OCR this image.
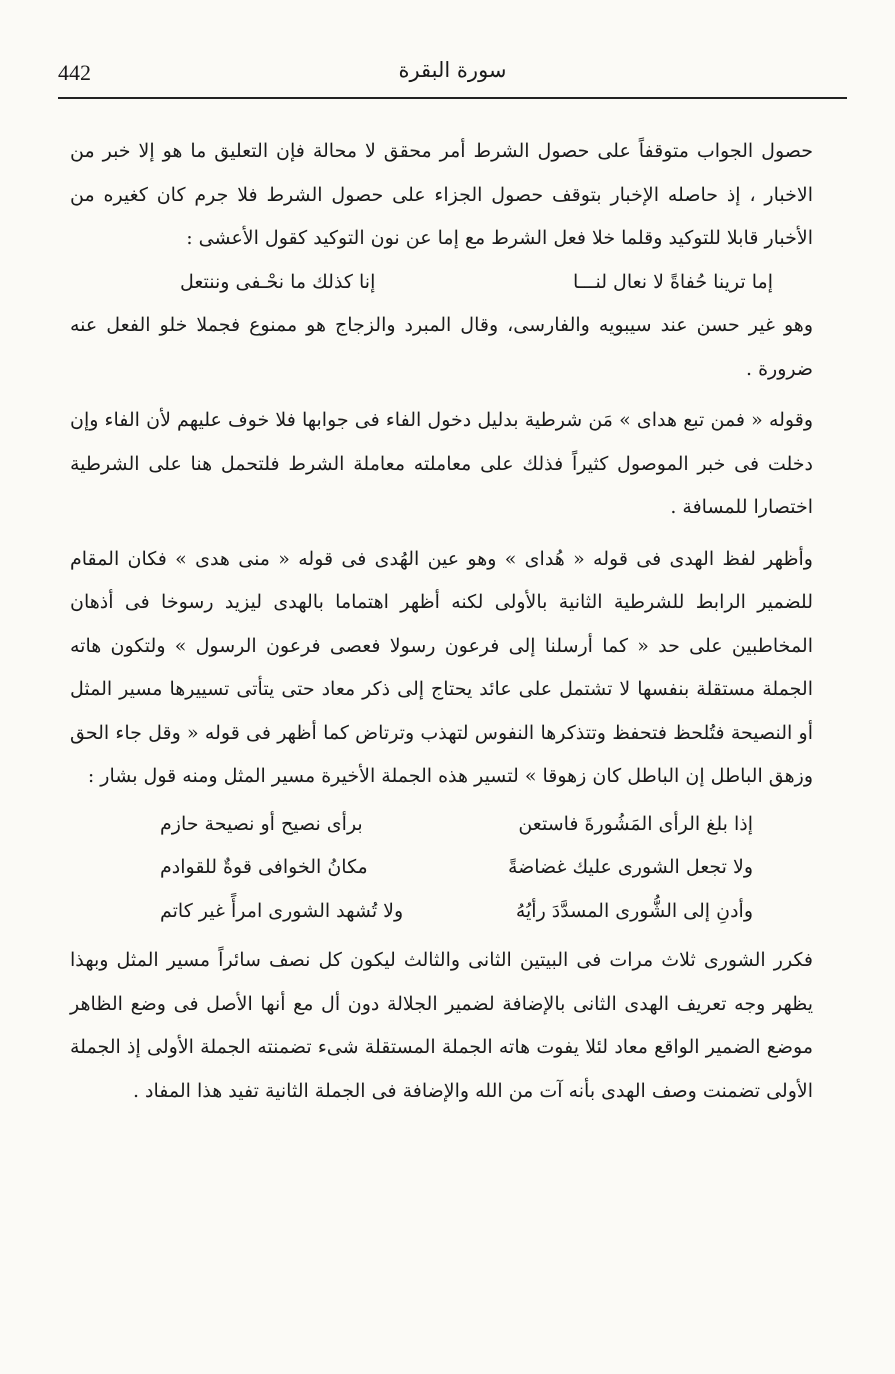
442	سورة البقرة

حصول الجواب متوقفاً على حصول الشرط أمر محقق لا محالة فإن التعليق ما هو إلا خبر من الاخبار ، إذ حاصله الإخبار بتوقف حصول الجزاء على حصول الشرط فلا جرم كان كغيره من الأخبار قابلا للتوكيد وقلما خلا فعل الشرط مع إما عن نون التوكيد كقول الأعشى :

إما ترينا حُفاةً لا نعال لنـــا
إنا كذلك ما نحْـفى وننتعل

وهو غير حسن عند سيبويه والفارسى، وقال المبرد والزجاج هو ممنوع فجملا خلو الفعل عنه ضرورة .

وقوله « فمن تبع هداى » مَن شرطية بدليل دخول الفاء فى جوابها فلا خوف عليهم لأن الفاء وإن دخلت فى خبر الموصول كثيراً فذلك على معاملته معاملة الشرط فلتحمل هنا على الشرطية اختصارا للمسافة .

وأظهر لفظ الهدى فى قوله « هُداى » وهو عين الهُدى فى قوله « منى هدى » فكان المقام للضمير الرابط للشرطية الثانية بالأولى لكنه أظهر اهتماما بالهدى ليزيد رسوخا فى أذهان المخاطبين على حد « كما أرسلنا إلى فرعون رسولا فعصى فرعون الرسول » ولتكون هاته الجملة مستقلة بنفسها لا تشتمل على عائد يحتاج إلى ذكر معاد حتى يتأتى تسييرها مسير المثل أو النصيحة فتُلحظ فتحفظ وتتذكرها النفوس لتهذب وترتاض كما أظهر فى قوله « وقل جاء الحق وزهق الباطل إن الباطل كان زهوقا » لتسير هذه الجملة الأخيرة مسير المثل ومنه قول بشار :

إذا بلغ الرأى المَشُورةَ فاستعن
برأى نصيح أو نصيحة حازم
ولا تجعل الشورى عليك غضاضةً
مكانُ الخوافى قوةٌ للقوادم
وأدنِ إلى الشُّورى المسدَّدَ رأيُهُ
ولا تُشهد الشورى امرأً غير كاتم

فكرر الشورى ثلاث مرات فى البيتين الثانى والثالث ليكون كل نصف سائراً مسير المثل وبهذا يظهر وجه تعريف الهدى الثانى بالإضافة لضمير الجلالة دون أل مع أنها الأصل فى وضع الظاهر موضع الضمير الواقع معاد لئلا يفوت هاته الجملة المستقلة شىء تضمنته الجملة الأولى إذ الجملة الأولى تضمنت وصف الهدى بأنه آت من الله والإضافة فى الجملة الثانية تفيد هذا المفاد .
